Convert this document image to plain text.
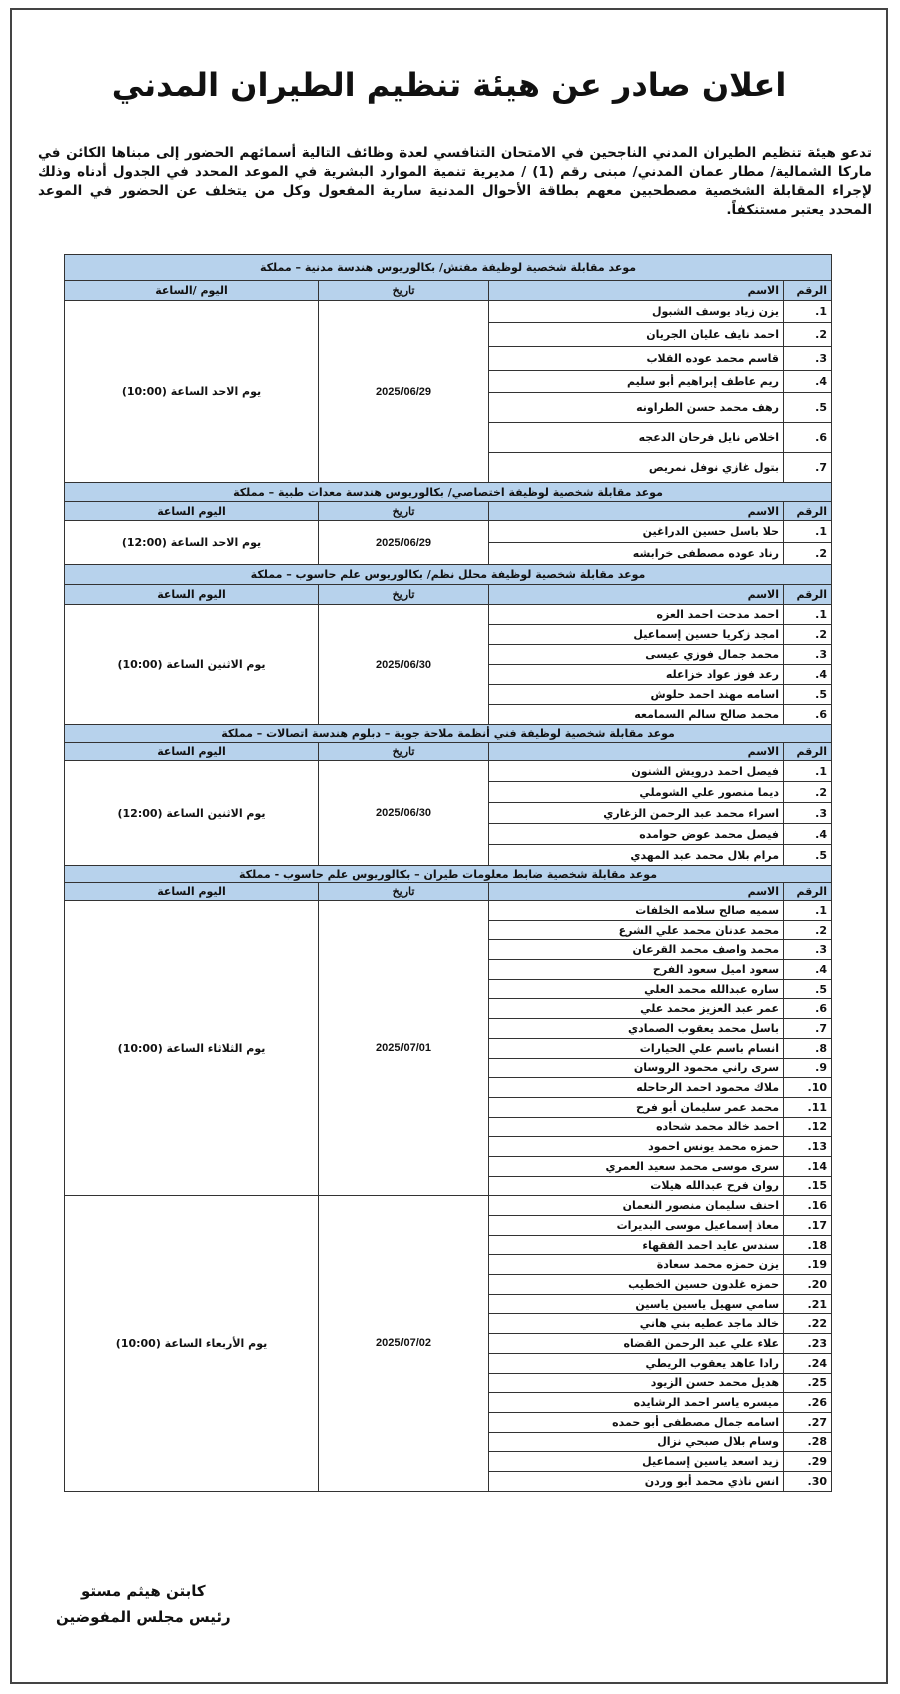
اعلان صادر عن هيئة تنظيم الطيران المدني
تدعو هيئة تنظيم الطيران المدني الناجحين في الامتحان التنافسي لعدة وظائف التالية أسمائهم الحضور إلى مبناها الكائن في ماركا الشمالية/ مطار عمان المدني/ مبنى رقم (1) / مديرية تنمية الموارد البشرية في الموعد المحدد في الجدول أدناه وذلك لإجراء المقابلة الشخصية مصطحبين معهم بطاقة الأحوال المدنية سارية المفعول وكل من يتخلف عن الحضور في الموعد المحدد يعتبر مستنكفاً.
موعد مقابلة شخصية لوظيفة مفتش/ بكالوريوس هندسة مدنية – مملكة			
الرقم	الاسم	تاريخ	اليوم /الساعة
1.	يزن زياد يوسف الشبول	2025/06/29	يوم الاحد الساعة (10:00)
2.	احمد نايف عليان الجريان		
3.	قاسم محمد عوده القلاب		
4.	ريم عاطف إبراهيم أبو سليم		
5.	رهف محمد حسن الطراونه		
6.	اخلاص نايل فرحان الدعجه		
7.	بتول غازي نوفل نمريص		
موعد مقابلة شخصية لوظيفة اختصاصي/ بكالوريوس هندسة معدات طبية – مملكة			
الرقم	الاسم	تاريخ	اليوم الساعة
1.	حلا باسل حسين الدراغين	2025/06/29	يوم الاحد الساعة (12:00)
2.	رناد عوده مصطفى خرابشه		
موعد مقابلة شخصية لوظيفة محلل نظم/ بكالوريوس علم حاسوب – مملكة			
الرقم	الاسم	تاريخ	اليوم الساعة
1.	احمد مدحت احمد العزه	2025/06/30	يوم الاثنين الساعة (10:00)
2.	امجد زكريا حسين إسماعيل		
3.	محمد جمال فوزي عيسى		
4.	رعد فوز عواد خزاعله		
5.	اسامه مهند احمد حلوش		
6.	محمد صالح سالم السمامعه		
موعد مقابلة شخصية لوظيفة فني أنظمة ملاحة جوية – دبلوم هندسة اتصالات – مملكة			
الرقم	الاسم	تاريخ	اليوم الساعة
1.	فيصل احمد درويش الشنون	2025/06/30	يوم الاثنين الساعة (12:00)
2.	ديما منصور علي الشوملي		
3.	اسراء محمد عبد الرحمن الزغاري		
4.	فيصل محمد عوض حوامده		
5.	مرام بلال محمد عبد المهدي		
موعد مقابلة شخصية ضابط معلومات طيران – بكالوريوس علم حاسوب - مملكة			
الرقم	الاسم	تاريخ	اليوم الساعة
1.	سميه صالح سلامه الخلفات	2025/07/01	يوم الثلاثاء الساعة (10:00)
2.	محمد عدنان محمد علي الشرع		
3.	محمد واصف محمد القرعان		
4.	سعود اميل سعود الفرح		
5.	ساره عبدالله محمد العلي		
6.	عمر عبد العزيز محمد علي		
7.	باسل محمد يعقوب الصمادي		
8.	انسام باسم علي الحيارات		
9.	سرى راني محمود الروسان		
10.	ملاك محمود احمد الرحاحله		
11.	محمد عمر سليمان أبو فرح		
12.	احمد خالد محمد شحاده		
13.	حمزه محمد يونس احمود		
14.	سرى موسى محمد سعيد العمري		
15.	روان فرح عبدالله هيلات		
16.	احنف سليمان منصور النعمان	2025/07/02	يوم الأربعاء الساعة (10:00)
17.	معاذ إسماعيل موسى البديرات		
18.	سندس عايد احمد الفقهاء		
19.	يزن حمزه محمد سعادة		
20.	حمزه غلدون حسين الخطيب		
21.	سامي سهيل ياسين ياسين		
22.	خالد ماجد عطيه بني هاني		
23.	علاء علي عبد الرحمن القضاه		
24.	رادا عاهد يعقوب الريطي		
25.	هديل محمد حسن الزيود		
26.	ميسره ياسر احمد الرشايده		
27.	اسامه جمال مصطفى أبو حمده		
28.	وسام بلال صبحي نزال		
29.	زيد اسعد ياسين إسماعيل		
30.	انس ناذي محمد أبو وردن		
كابتن هيثم مستو
رئيس مجلس المفوضين
